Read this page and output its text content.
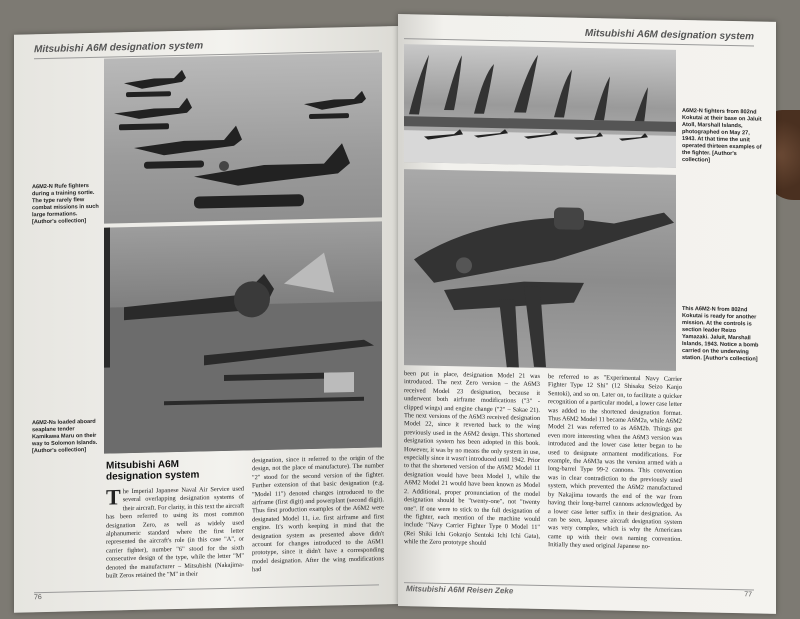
Mitsubishi A6M designation system
A6M2-N Rufe fighters during a training sortie. The type rarely flew combat missions in such large formations. [Author's collection]
A6M2-Ns loaded aboard seaplane tender Kamikawa Maru on their way to Solomon Islands. [Author's collection]
Mitsubishi A6M designation system
The Imperial Japanese Naval Air Service used several overlapping designation systems of their aircraft. For clarity, in this text the aircraft has been referred to using its most common designation Zero, as well as widely used alphanumeric standard where the first letter represented the aircraft's role (in this case "A", or carrier fighter), number "6" stood for the sixth consecutive design of the type, while the letter "M" denoted the manufacturer – Mitsubishi (Nakajima-built Zeros retained the "M" in their
designation, since it referred to the origin of the design, not the place of manufacture). The number "2" stood for the second version of the fighter. Further extension of that basic designation (e.g. "Model 11") denoted changes introduced to the airframe (first digit) and powerplant (second digit). Thus first production examples of the A6M2 were designated Model 11, i.e. first airframe and first engine. It's worth keeping in mind that the designation system as presented above didn't account for changes introduced to the A6M1 prototype, since it didn't have a corresponding model designation. After the wing modifications had
76
Mitsubishi A6M designation system
A6M2-N fighters from 802nd Kokutai at their base on Jaluit Atoll, Marshall Islands, photographed on May 27, 1943. At that time the unit operated thirteen examples of the fighter. [Author's collection]
This A6M2-N from 802nd Kokutai is ready for another mission. At the controls is section leader Reizo Yamazaki. Jaluit, Marshall Islands, 1943. Notice a bomb carried on the underwing station. [Author's collection]
been put in place, designation Model 21 was introduced. The next Zero version – the A6M3 received Model 23 designation, because it underwent both airframe modifications ("3" - clipped wings) and engine change ("2" – Sakae 21). The next versions of the A6M3 received designation Model 22, since it reverted back to the wing previously used in the A6M2 design. This shortened designation system has been adopted in this book. However, it was by no means the only system in use, especially since it wasn't introduced until 1942. Prior to that the shortened version of the A6M2 Model 11 designation would have been Model 1, while the A6M2 Model 21 would have been known as Model 2. Additional, proper pronunciation of the model designation should be "twenty-one", not "twenty one". If one were to stick to the full designation of the fighter, each mention of the machine would include "Navy Carrier Fighter Type 0 Model 11" (Rei Shiki Ichi Gokanjo Sentoki Ichi Ichi Gata), while the Zero prototype should
be referred to as "Experimental Navy Carrier Fighter Type 12 Shi" (12 Shisaku Seizo Kanjo Sentoki), and so on. Later on, to facilitate a quicker recognition of a particular model, a lower case letter was added to the shortened designation format. Thus A6M2 Model 11 became A6M2a, while A6M2 Model 21 was referred to as A6M2b. Things got even more interesting when the A6M3 version was introduced and the lower case letter began to be used to designate armament modifications. For example, the A6M3a was the version armed with a long-barrel Type 99-2 cannons. This convention was in clear contradiction to the previously used system, which prevented the A6M2 manufactured by Nakajima towards the end of the war from having their long-barrel cannons acknowledged by a lower case letter suffix in their designation. As can be seen, Japanese aircraft designation system was very complex, which is why the Americans came up with their own naming convention. Initially they used original Japanese no-
Mitsubishi A6M Reisen Zeke	77
